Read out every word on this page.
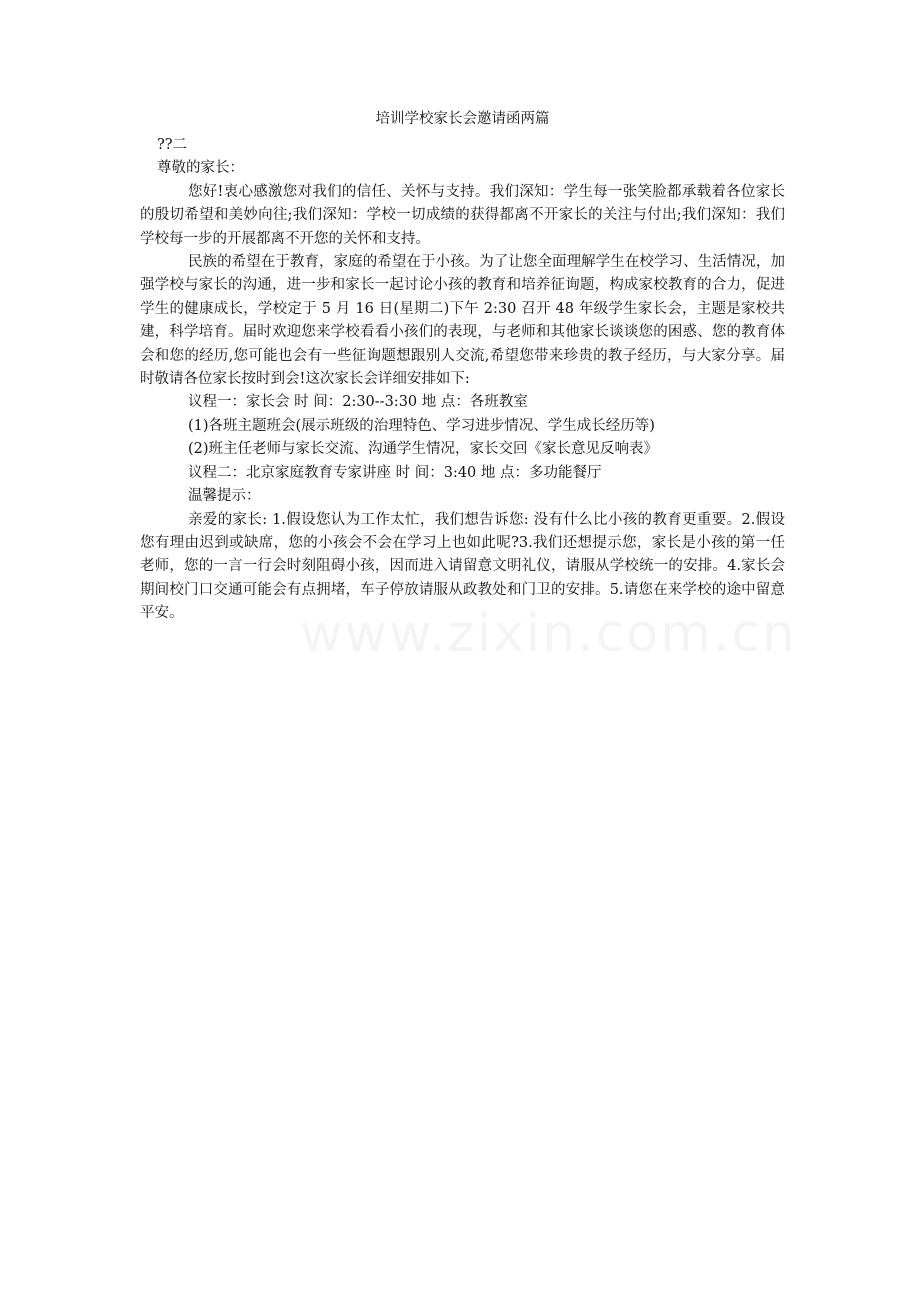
培训学校家长会邀请函两篇

??二

尊敬的家长：

您好!衷心感激您对我们的信任、关怀与支持。我们深知：学生每一张笑脸都承载着各位家长的殷切希望和美妙向往;我们深知：学校一切成绩的获得都离不开家长的关注与付出;我们深知：我们学校每一步的开展都离不开您的关怀和支持。

民族的希望在于教育，家庭的希望在于小孩。为了让您全面理解学生在校学习、生活情况，加强学校与家长的沟通，进一步和家长一起讨论小孩的教育和培养征询题，构成家校教育的合力，促进学生的健康成长，学校定于 5 月 16 日(星期二)下午 2:30 召开 48 年级学生家长会，主题是家校共建，科学培育。届时欢迎您来学校看看小孩们的表现，与老师和其他家长谈谈您的困惑、您的教育体会和您的经历,您可能也会有一些征询题想跟别人交流,希望您带来珍贵的教子经历，与大家分享。届时敬请各位家长按时到会!这次家长会详细安排如下:

议程一：家长会 时 间：2:30--3:30 地 点：各班教室

(1)各班主题班会(展示班级的治理特色、学习进步情况、学生成长经历等)

(2)班主任老师与家长交流、沟通学生情况，家长交回《家长意见反响表》

议程二：北京家庭教育专家讲座 时 间：3:40 地 点：多功能餐厅

温馨提示：

亲爱的家长: 1.假设您认为工作太忙，我们想告诉您: 没有什么比小孩的教育更重要。2.假设您有理由迟到或缺席，您的小孩会不会在学习上也如此呢?3.我们还想提示您，家长是小孩的第一任老师，您的一言一行会时刻阻碍小孩，因而进入请留意文明礼仪，请服从学校统一的安排。4.家长会期间校门口交通可能会有点拥堵，车子停放请服从政教处和门卫的安排。5.请您在来学校的途中留意平安。
